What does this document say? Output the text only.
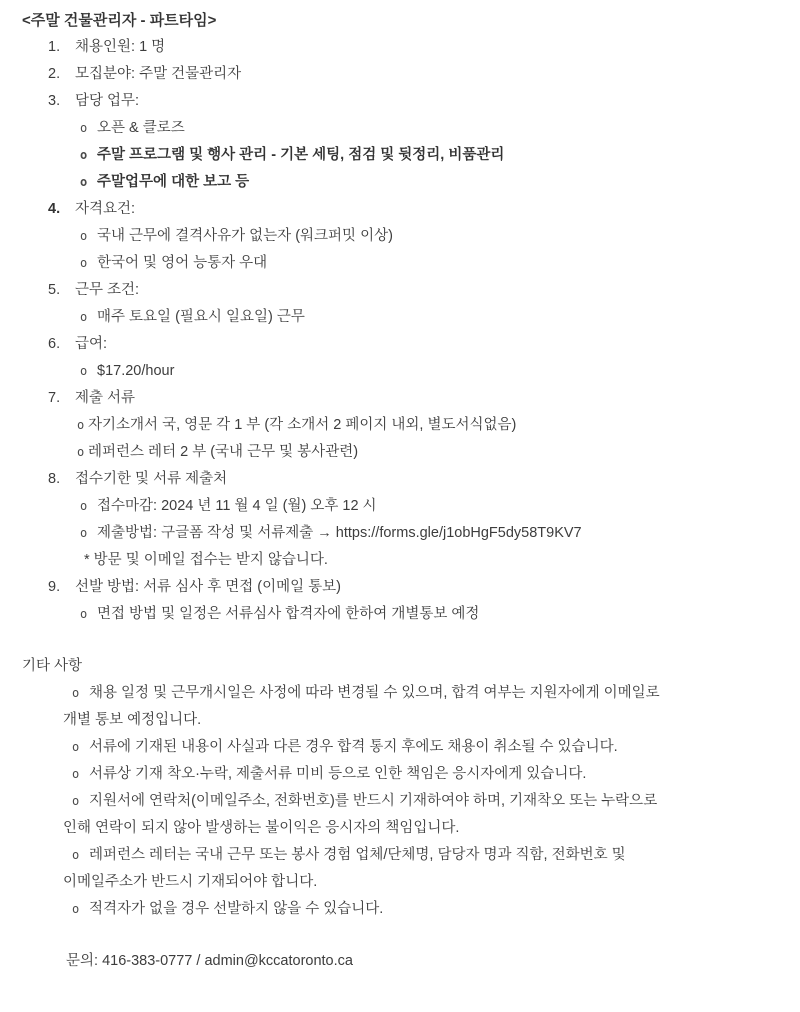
<주말 건물관리자 - 파트타임>
1. 채용인원: 1 명
2. 모집분야: 주말 건물관리자
3. 담당 업무:
o 오픈 & 클로즈
o 주말 프로그램 및 행사 관리 - 기본 세팅, 점검 및 뒷정리, 비품관리
o 주말업무에 대한 보고 등
4. 자격요건:
o 국내 근무에 결격사유가 없는자 (워크퍼밋 이상)
o 한국어 및 영어 능통자 우대
5. 근무 조건:
o 매주 토요일 (필요시 일요일) 근무
6. 급여:
o $17.20/hour
7. 제출 서류
o 자기소개서 국, 영문 각 1 부 (각 소개서 2 페이지 내외, 별도서식없음)
o 레퍼런스 레터 2 부 (국내 근무 및 봉사관련)
8. 접수기한 및 서류 제출처
o 접수마감: 2024 년 11 월 4 일 (월) 오후 12 시
o 제출방법: 구글폼 작성 및 서류제출 → https://forms.gle/j1obHgF5dy58T9KV7
* 방문 및 이메일 접수는 받지 않습니다.
9. 선발 방법: 서류 심사 후 면접 (이메일 통보)
o 면접 방법 및 일정은 서류심사 합격자에 한하여 개별통보 예정
기타 사항
o 채용 일정 및 근무개시일은 사정에 따라 변경될 수 있으며, 합격 여부는 지원자에게 이메일로
개별 통보 예정입니다.
o 서류에 기재된 내용이 사실과 다른 경우 합격 통지 후에도 채용이 취소될 수 있습니다.
o 서류상 기재 착오·누락, 제출서류 미비 등으로 인한 책임은 응시자에게 있습니다.
o 지원서에 연락처(이메일주소, 전화번호)를 반드시 기재하여야 하며, 기재착오 또는 누락으로
인해 연락이 되지 않아 발생하는 불이익은 응시자의 책임입니다.
o 레퍼런스 레터는 국내 근무 또는 봉사 경험 업체/단체명, 담당자 명과 직함, 전화번호 및
이메일주소가 반드시 기재되어야 합니다.
o 적격자가 없을 경우 선발하지 않을 수 있습니다.
문의: 416-383-0777 / admin@kccatoronto.ca
